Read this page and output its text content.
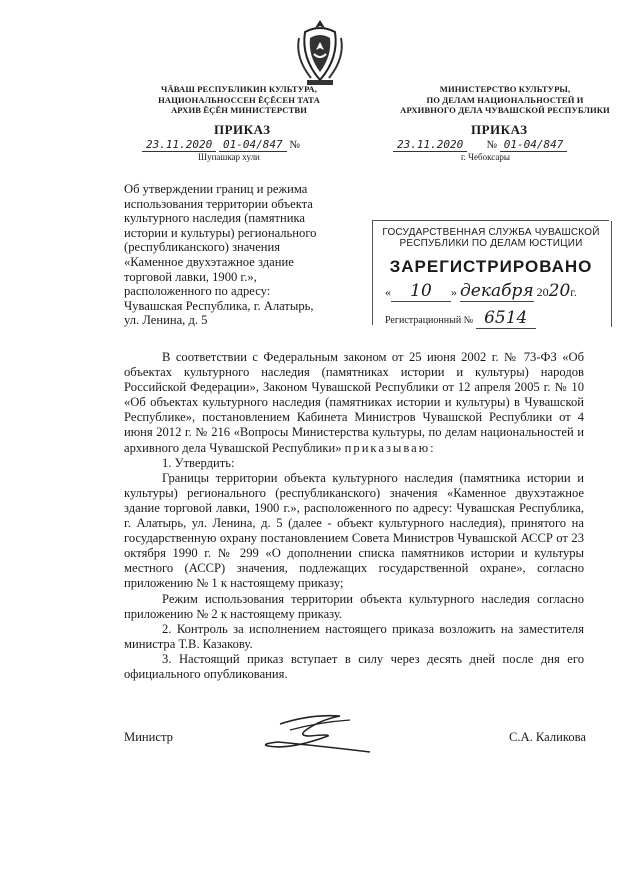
ЧĂВАШ РЕСПУБЛИКИН КУЛЬТУРА,
НАЦИОНАЛЬНОССЕН ĔÇĔСЕН ТАТА
АРХИВ ĔÇĔН МИНИСТЕРСТВИ
МИНИСТЕРСТВО КУЛЬТУРЫ,
ПО ДЕЛАМ НАЦИОНАЛЬНОСТЕЙ И
АРХИВНОГО ДЕЛА ЧУВАШСКОЙ РЕСПУБЛИКИ
ПРИКАЗ	ПРИКАЗ
23.11.2020 01-04/847 №	23.11.2020 № 01-04/847
Шупашкар хули	г. Чебоксары
Об утверждении границ и режима
использования территории объекта
культурного наследия (памятника
истории и культуры) регионального
(республиканского) значения
«Каменное двухэтажное здание
торговой лавки, 1900 г.»,
расположенного по адресу:
Чувашская Республика, г. Алатырь,
ул. Ленина, д. 5
ГОСУДАРСТВЕННАЯ СЛУЖБА ЧУВАШСКОЙ
РЕСПУБЛИКИ ПО ДЕЛАМ ЮСТИЦИИ
ЗАРЕГИСТРИРОВАНО
« 10 » декабря 2020г.
Регистрационный № 6514

В соответствии с Федеральным законом от 25 июня 2002 г. № 73-ФЗ «Об объектах культурного наследия (памятниках истории и культуры) народов Российской Федерации», Законом Чувашской Республики от 12 апреля 2005 г. № 10 «Об объектах культурного наследия (памятниках истории и культуры) в Чувашской Республике», постановлением Кабинета Министров Чувашской Республики от 4 июня 2012 г. № 216 «Вопросы Министерства культуры, по делам национальностей и архивного дела Чувашской Республики» приказываю:

1. Утвердить:

Границы территории объекта культурного наследия (памятника истории и культуры) регионального (республиканского) значения «Каменное двухэтажное здание торговой лавки, 1900 г.», расположенного по адресу: Чувашская Республика, г. Алатырь, ул. Ленина, д. 5 (далее - объект культурного наследия), принятого на государственную охрану постановлением Совета Министров Чувашской АССР от 23 октября 1990 г. № 299 «О дополнении списка памятников истории и культуры местного (АССР) значения, подлежащих государственной охране», согласно приложению № 1 к настоящему приказу;

Режим использования территории объекта культурного наследия согласно приложению № 2 к настоящему приказу.

2. Контроль за исполнением настоящего приказа возложить на заместителя министра Т.В. Казакову.

3. Настоящий приказ вступает в силу через десять дней после дня его официального опубликования.

Министр	С.А. Каликова
